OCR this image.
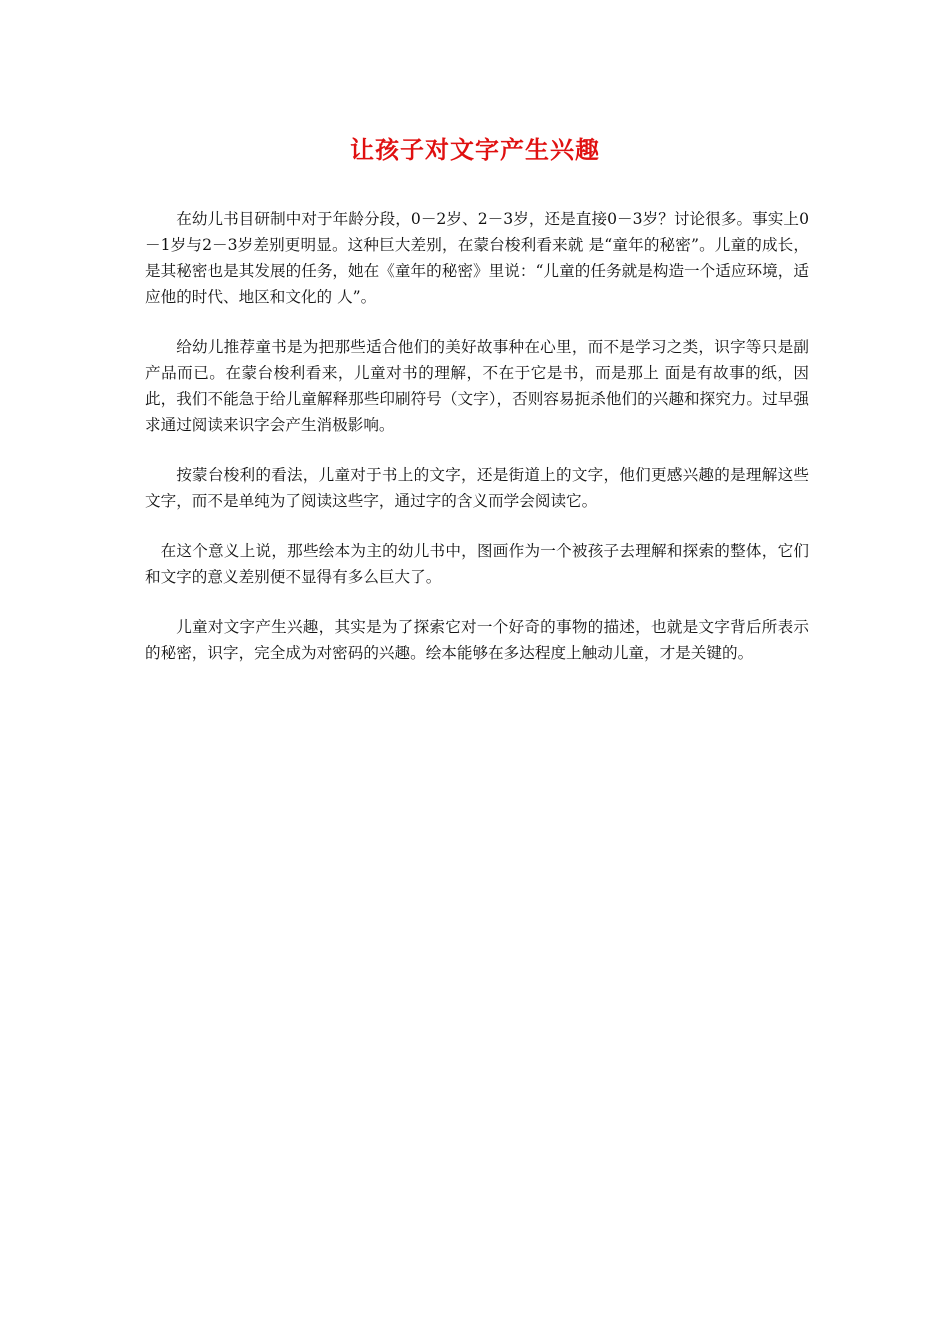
让孩子对文字产生兴趣

在幼儿书目研制中对于年龄分段，0－2岁、2－3岁，还是直接0－3岁？讨论很多。事实上0－1岁与2－3岁差别更明显。这种巨大差别，在蒙台梭利看来就 是“童年的秘密”。儿童的成长，是其秘密也是其发展的任务，她在《童年的秘密》里说：“儿童的任务就是构造一个适应环境，适应他的时代、地区和文化的 人”。

给幼儿推荐童书是为把那些适合他们的美好故事种在心里，而不是学习之类，识字等只是副产品而已。在蒙台梭利看来，儿童对书的理解，不在于它是书，而是那上 面是有故事的纸，因此，我们不能急于给儿童解释那些印刷符号（文字），否则容易扼杀他们的兴趣和探究力。过早强求通过阅读来识字会产生消极影响。

按蒙台梭利的看法，儿童对于书上的文字，还是街道上的文字，他们更感兴趣的是理解这些文字，而不是单纯为了阅读这些字，通过字的含义而学会阅读它。

在这个意义上说，那些绘本为主的幼儿书中，图画作为一个被孩子去理解和探索的整体，它们和文字的意义差别便不显得有多么巨大了。

儿童对文字产生兴趣，其实是为了探索它对一个好奇的事物的描述，也就是文字背后所表示的秘密，识字，完全成为对密码的兴趣。绘本能够在多达程度上触动儿童，才是关键的。
